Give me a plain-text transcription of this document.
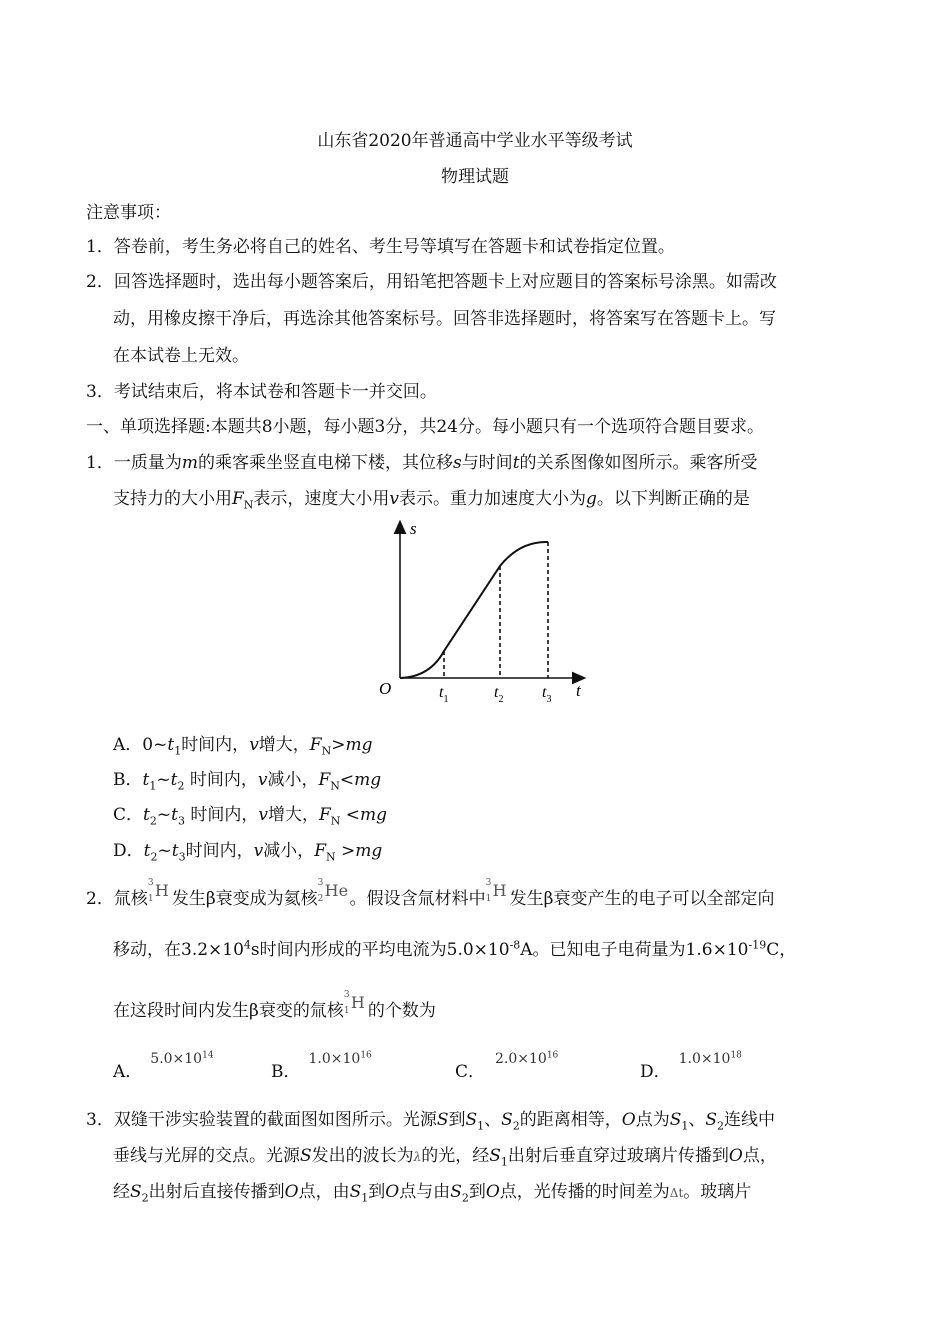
山东省2020年普通高中学业水平等级考试
物理试题
注意事项：
1．答卷前，考生务必将自己的姓名、考生号等填写在答题卡和试卷指定位置。
2．回答选择题时，选出每小题答案后，用铅笔把答题卡上对应题目的答案标号涂黑。如需改
动，用橡皮擦干净后，再选涂其他答案标号。回答非选择题时，将答案写在答题卡上。写
在本试卷上无效。
3．考试结束后，将本试卷和答题卡一并交回。
一、单项选择题:本题共8小题，每小题3分，共24分。每小题只有一个选项符合题目要求。
1．一质量为m的乘客乘坐竖直电梯下楼，其位移s与时间t的关系图像如图所示。乘客所受
支持力的大小用$F_N$表示，速度大小用v表示。重力加速度大小为g。以下判断正确的是
s
t
O	$t_1$	$t_2$ $t_3$
A．$0\sim t_1$时间内，v增大，$F_N>mg$
B．$t_1\sim t_2$ 时间内，v减小，$F_N<mg$
C．$t_2\sim t_3$ 时间内，v增大，$F_N <mg$
D．$t_2\sim t_3$时间内，v减小，$F_N >mg$
2．氚核
3
1 H 发生β衰变成为氦核
3
2 He 。假设含氚材料中
3
1 H 发生β衰变产生的电子可以全部定向
移动，在$3.2\times 10^4s$时间内形成的平均电流为$5.0\times 10^{-8}A$。已知电子电荷量为$1.6\times 10^{-19}C$，
在这段时间内发生β衰变的氚核
3
1 H 的个数为
A．$^{5.0\times 10^{14}}$
B．$^{1.0\times 10^{16}}$
C．$^{2.0\times 10^{16}}$
D．$^{1.0\times 10^{18}}$
3．双缝干涉实验装置的截面图如图所示。光源S到$S_1$、$S_2$的距离相等，O点为$S_1$、$S_2$连线中
垂线与光屏的交点。光源S发出的波长为λ的光，经$S_1$出射后垂直穿过玻璃片传播到O点，
经$S_2$出射后直接传播到O点，由$S_1$到O点与由$S_2$到O点，光传播的时间差为Δt。玻璃片
